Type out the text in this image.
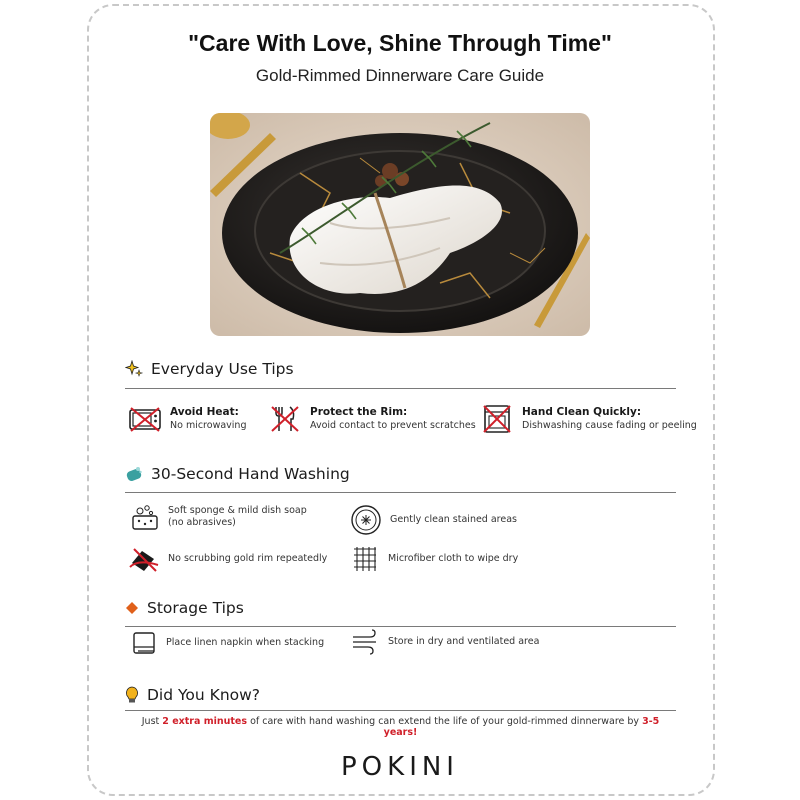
"Care With Love, Shine Through Time"
Gold-Rimmed Dinnerware Care Guide
Everyday Use Tips
Avoid Heat:
No microwaving
Protect the Rim:
Avoid contact to prevent scratches
Hand Clean Quickly:
Dishwashing cause fading or peeling
30-Second Hand Washing
Soft sponge & mild dish soap
(no abrasives)	Gently clean stained areas
No scrubbing gold rim repeatedly	Microfiber cloth to wipe dry
Storage Tips
Place linen napkin when stacking	Store in dry and ventilated area
Did You Know?
Just 2 extra minutes of care with hand washing can extend the life of your gold-rimmed dinnerware by 3-5 years!
POKINI
